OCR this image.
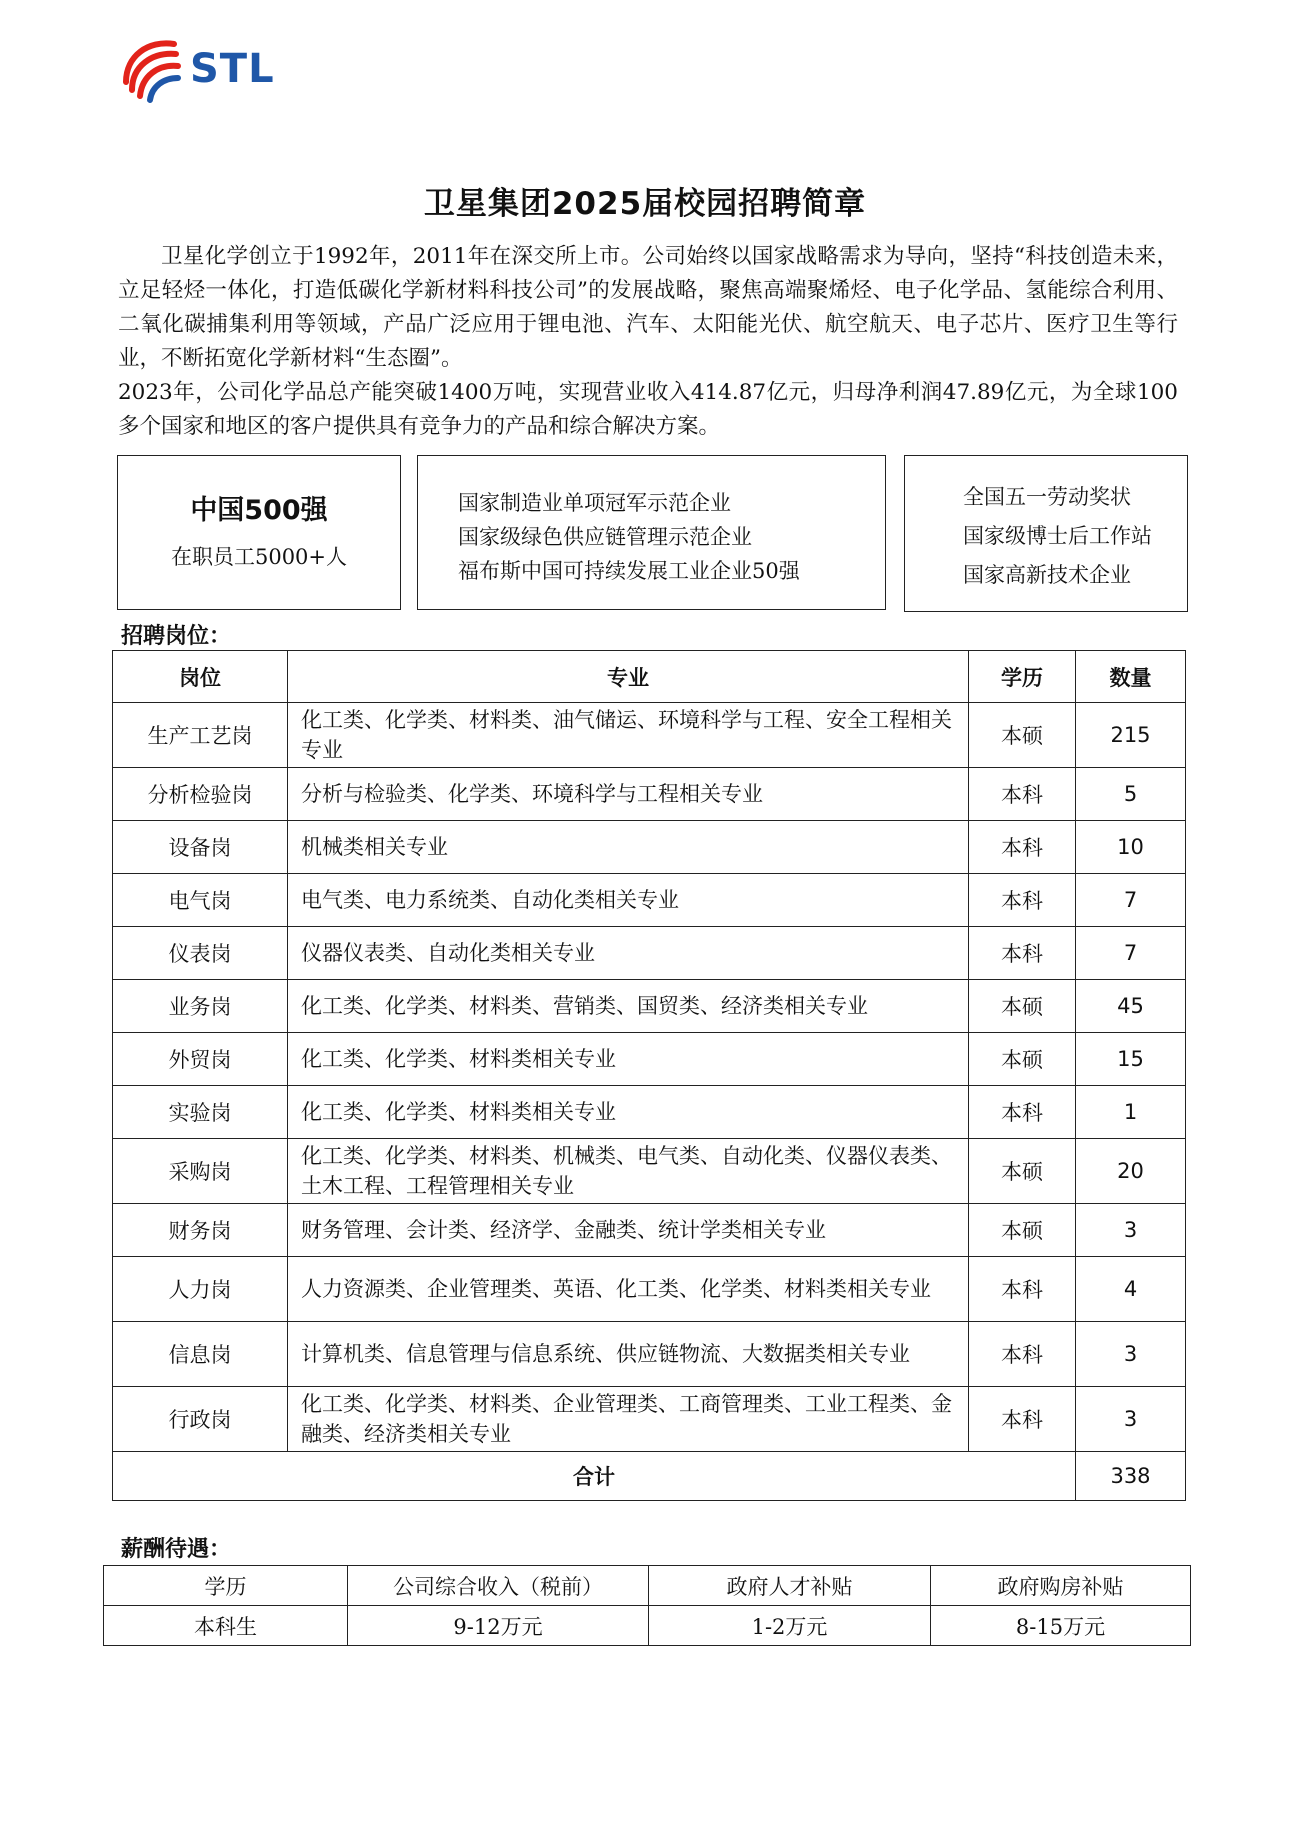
STL
卫星集团2025届校园招聘简章

卫星化学创立于1992年，2011年在深交所上市。公司始终以国家战略需求为导向，坚持“科技创造未来，立足轻烃一体化，打造低碳化学新材料科技公司”的发展战略，聚焦高端聚烯烃、电子化学品、氢能综合利用、二氧化碳捕集利用等领域，产品广泛应用于锂电池、汽车、太阳能光伏、航空航天、电子芯片、医疗卫生等行业，不断拓宽化学新材料“生态圈”。

2023年，公司化学品总产能突破1400万吨，实现营业收入414.87亿元，归母净利润47.89亿元，为全球100多个国家和地区的客户提供具有竞争力的产品和综合解决方案。

中国500强
在职员工5000+人
国家制造业单项冠军示范企业
国家级绿色供应链管理示范企业
福布斯中国可持续发展工业企业50强
全国五一劳动奖状
国家级博士后工作站
国家高新技术企业
招聘岗位：
岗位	专业	学历	数量
生产工艺岗	化工类、化学类、材料类、油气储运、环境科学与工程、安全工程相关专业	本硕	215
分析检验岗	分析与检验类、化学类、环境科学与工程相关专业	本科	5
设备岗	机械类相关专业	本科	10
电气岗	电气类、电力系统类、自动化类相关专业	本科	7
仪表岗	仪器仪表类、自动化类相关专业	本科	7
业务岗	化工类、化学类、材料类、营销类、国贸类、经济类相关专业	本硕	45
外贸岗	化工类、化学类、材料类相关专业	本硕	15
实验岗	化工类、化学类、材料类相关专业	本科	1
采购岗	化工类、化学类、材料类、机械类、电气类、自动化类、仪器仪表类、土木工程、工程管理相关专业	本硕	20
财务岗	财务管理、会计类、经济学、金融类、统计学类相关专业	本硕	3
人力岗	人力资源类、企业管理类、英语、化工类、化学类、材料类相关专业	本科	4
信息岗	计算机类、信息管理与信息系统、供应链物流、大数据类相关专业	本科	3
行政岗	化工类、化学类、材料类、企业管理类、工商管理类、工业工程类、金融类、经济类相关专业	本科	3
合计			338
薪酬待遇：
学历	公司综合收入（税前）	政府人才补贴	政府购房补贴
本科生	9-12万元	1-2万元	8-15万元
